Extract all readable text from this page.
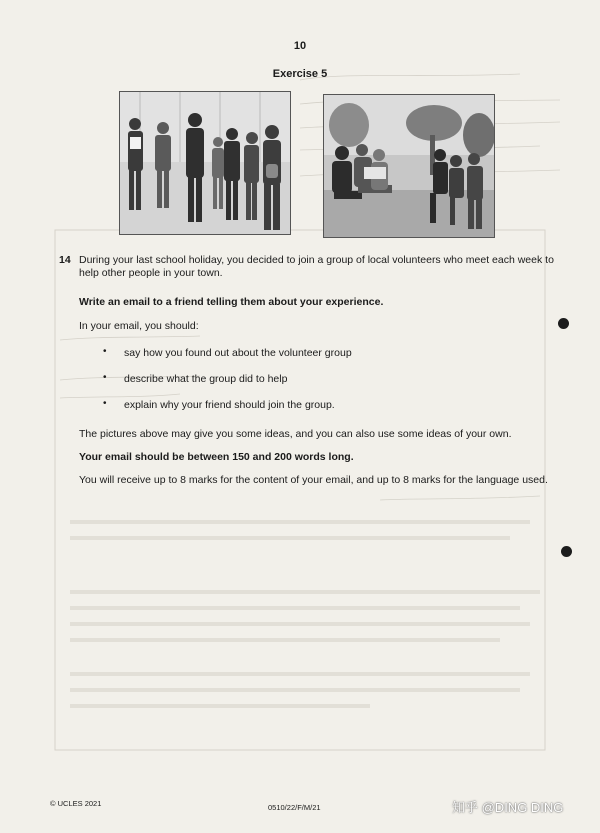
10
Exercise 5
14 During your last school holiday, you decided to join a group of local volunteers who meet each week to help other people in your town.
Write an email to a friend telling them about your experience.
In your email, you should:
• say how you found out about the volunteer group
• describe what the group did to help
• explain why your friend should join the group.
The pictures above may give you some ideas, and you can also use some ideas of your own.
Your email should be between 150 and 200 words long.
You will receive up to 8 marks for the content of your email, and up to 8 marks for the language used.
© UCLES 2021	0510/22/F/M/21	知乎 @DING DING
